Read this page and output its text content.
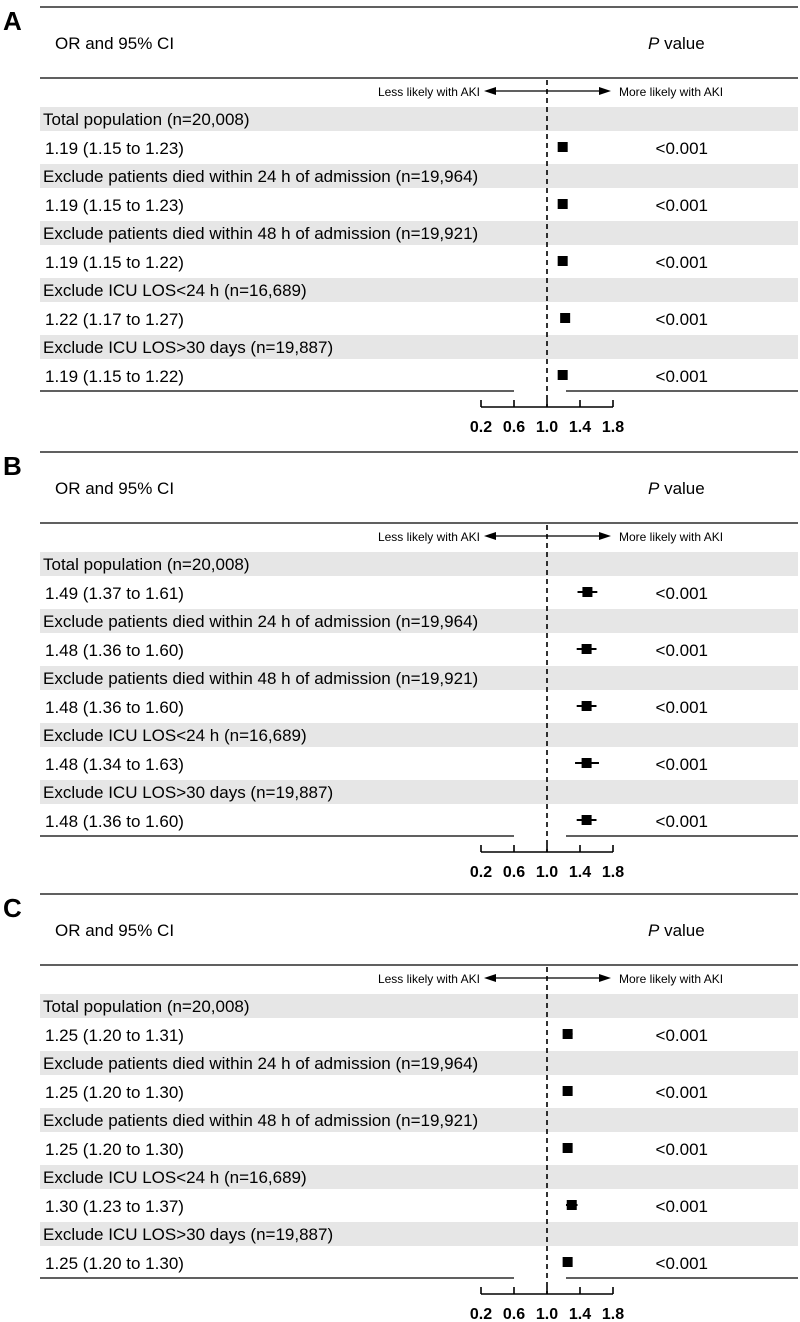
A
OR and 95% CI	P value
Less likely with AKI	More likely with AKI
Total population (n=20,008)
1.19 (1.15 to 1.23)	<0.001
Exclude patients died within 24 h of admission (n=19,964)
1.19 (1.15 to 1.23)	<0.001
Exclude patients died within 48 h of admission (n=19,921)
1.19 (1.15 to 1.22)	<0.001
Exclude ICU LOS<24 h (n=16,689)
1.22 (1.17 to 1.27)	<0.001
Exclude ICU LOS>30 days (n=19,887)
1.19 (1.15 to 1.22)	<0.001
0.2 0.6 1.0 1.4 1.8
B
OR and 95% CI	P value
Less likely with AKI	More likely with AKI
Total population (n=20,008)
1.49 (1.37 to 1.61)	<0.001
Exclude patients died within 24 h of admission (n=19,964)
1.48 (1.36 to 1.60)	<0.001
Exclude patients died within 48 h of admission (n=19,921)
1.48 (1.36 to 1.60)	<0.001
Exclude ICU LOS<24 h (n=16,689)
1.48 (1.34 to 1.63)	<0.001
Exclude ICU LOS>30 days (n=19,887)
1.48 (1.36 to 1.60)	<0.001
0.2 0.6 1.0 1.4 1.8
C
OR and 95% CI	P value
Less likely with AKI	More likely with AKI
Total population (n=20,008)
1.25 (1.20 to 1.31)	<0.001
Exclude patients died within 24 h of admission (n=19,964)
1.25 (1.20 to 1.30)	<0.001
Exclude patients died within 48 h of admission (n=19,921)
1.25 (1.20 to 1.30)	<0.001
Exclude ICU LOS<24 h (n=16,689)
1.30 (1.23 to 1.37)	<0.001
Exclude ICU LOS>30 days (n=19,887)
1.25 (1.20 to 1.30)	<0.001
0.2 0.6 1.0 1.4 1.8
